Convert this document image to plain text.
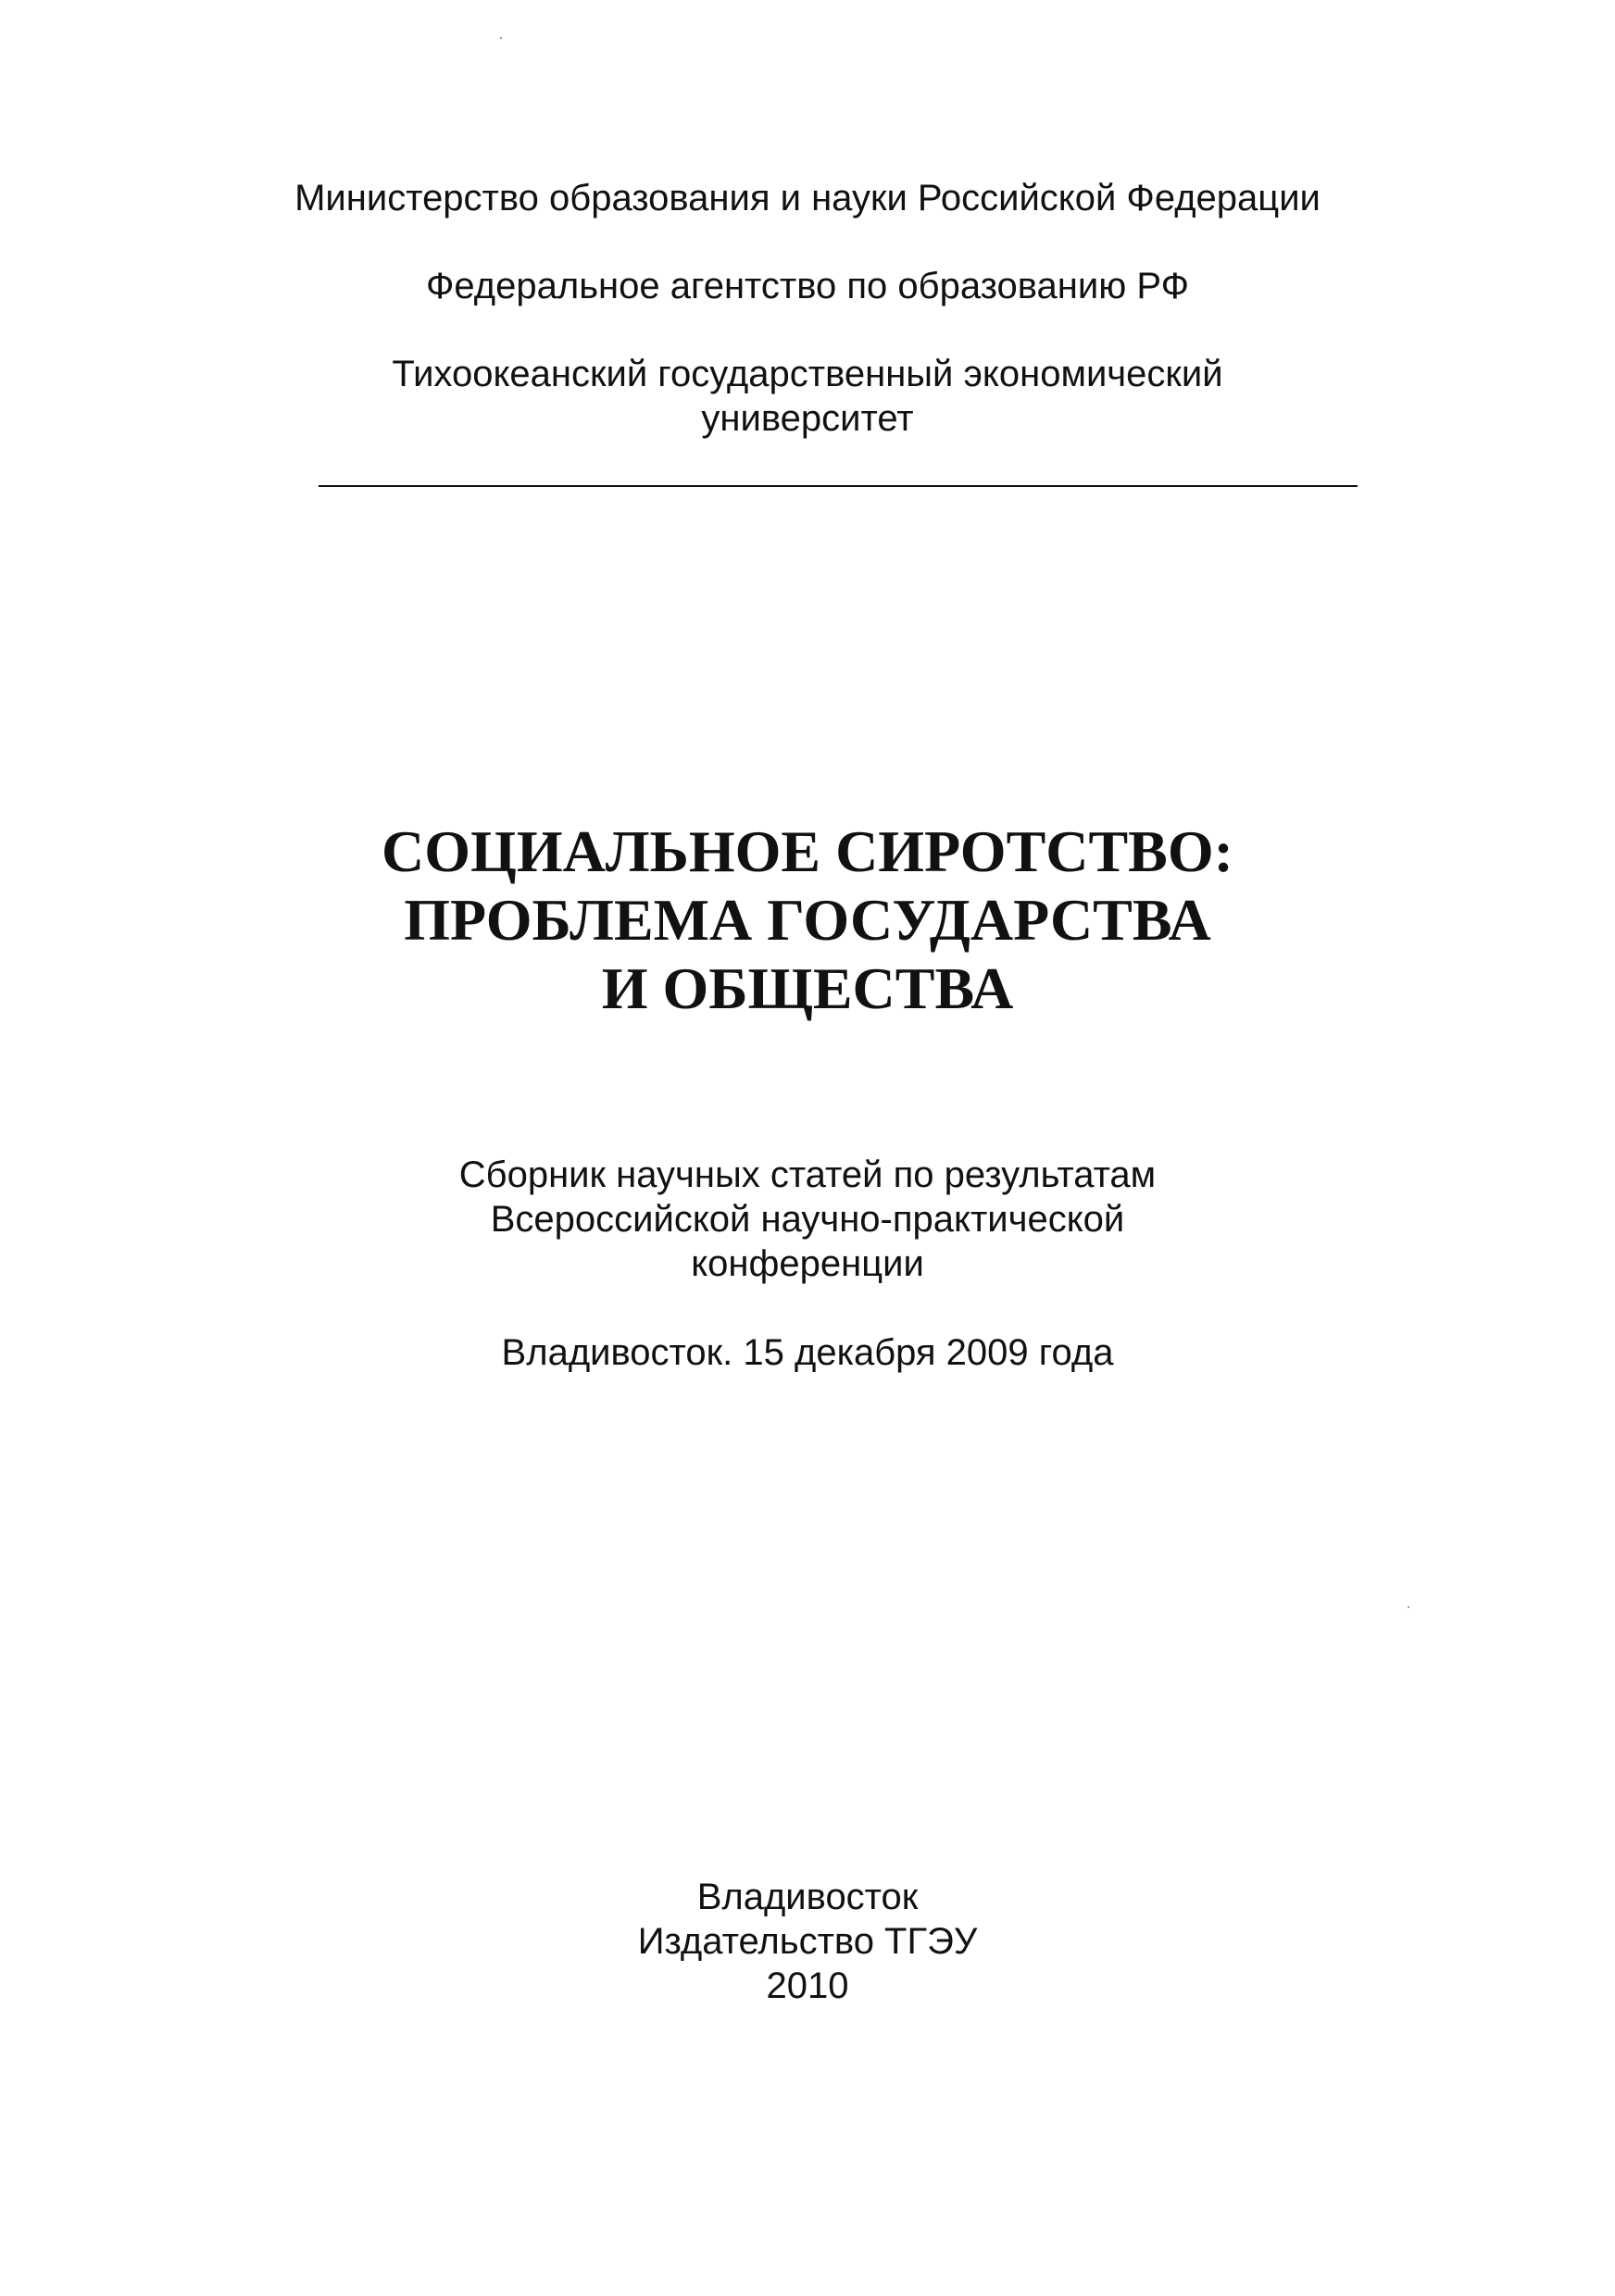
Министерство образования и науки Российской Федерации
Федеральное агентство по образованию РФ
Тихоокеанский государственный экономический
университет
СОЦИАЛЬНОЕ СИРОТСТВО:
ПРОБЛЕМА ГОСУДАРСТВА
И ОБЩЕСТВА
Сборник научных статей по результатам
Всероссийской научно-практической
конференции
Владивосток. 15 декабря 2009 года
Владивосток
Издательство ТГЭУ
2010
